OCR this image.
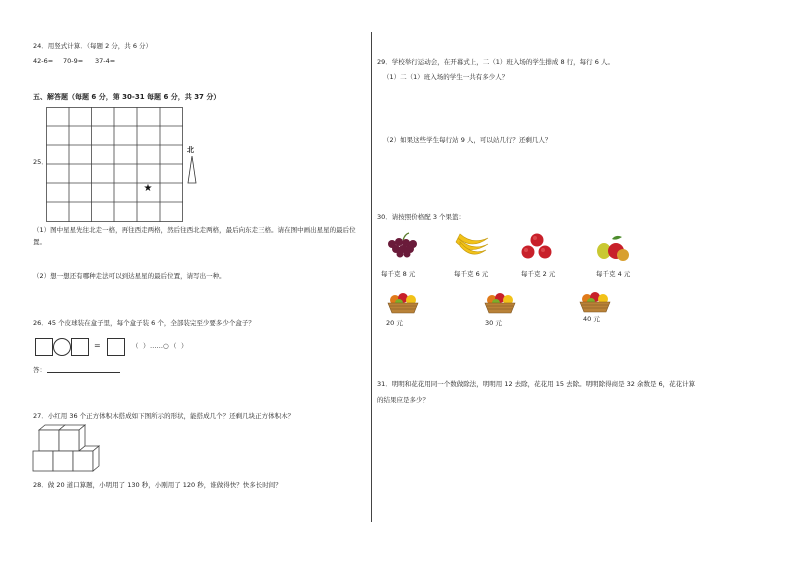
24．用竖式计算．（每题 2 分，共 6 分）
42-6= 70-9= 37-4=
五、解答题（每题 6 分，第 30-31 每题 6 分，共 37 分）
★
25．
北
（1）图中星星先往北走一格，再往西走两格，然后往西北走两格，最后向东走三格。请在图中画出星星的最后位置。
（2）想一想还有哪种走法可以到达星星的最后位置，请写出一种。
26．45 个皮球装在盒子里，每个盒子装 6 个，全部装完至少要多少个盒子？
=	（ ） ……○ （ ）
答：
27．小红用 36 个正方体积木搭成如下图所示的形状，能搭成几个？还剩几块正方体积木？
28．做 20 道口算题，小明用了 130 秒，小刚用了 120 秒，谁做得快？快多长时间？
29．学校举行运动会，在开幕式上，二（1）班入场的学生排成 8 行，每行 6 人。
（1）二（1）班入场的学生一共有多少人？
（2）如果这些学生每行站 9 人，可以站几行？还剩几人？
30．请按照价格配 3 个果篮：
每千克 8 元	每千克 6 元	每千克 2 元	每千克 4 元
20 元	30 元	40 元
31．明明和花花用同一个数做除法，明明用 12 去除，花花用 15 去除。明明除得商是 32 余数是 6，花花计算
的结果应是多少？
